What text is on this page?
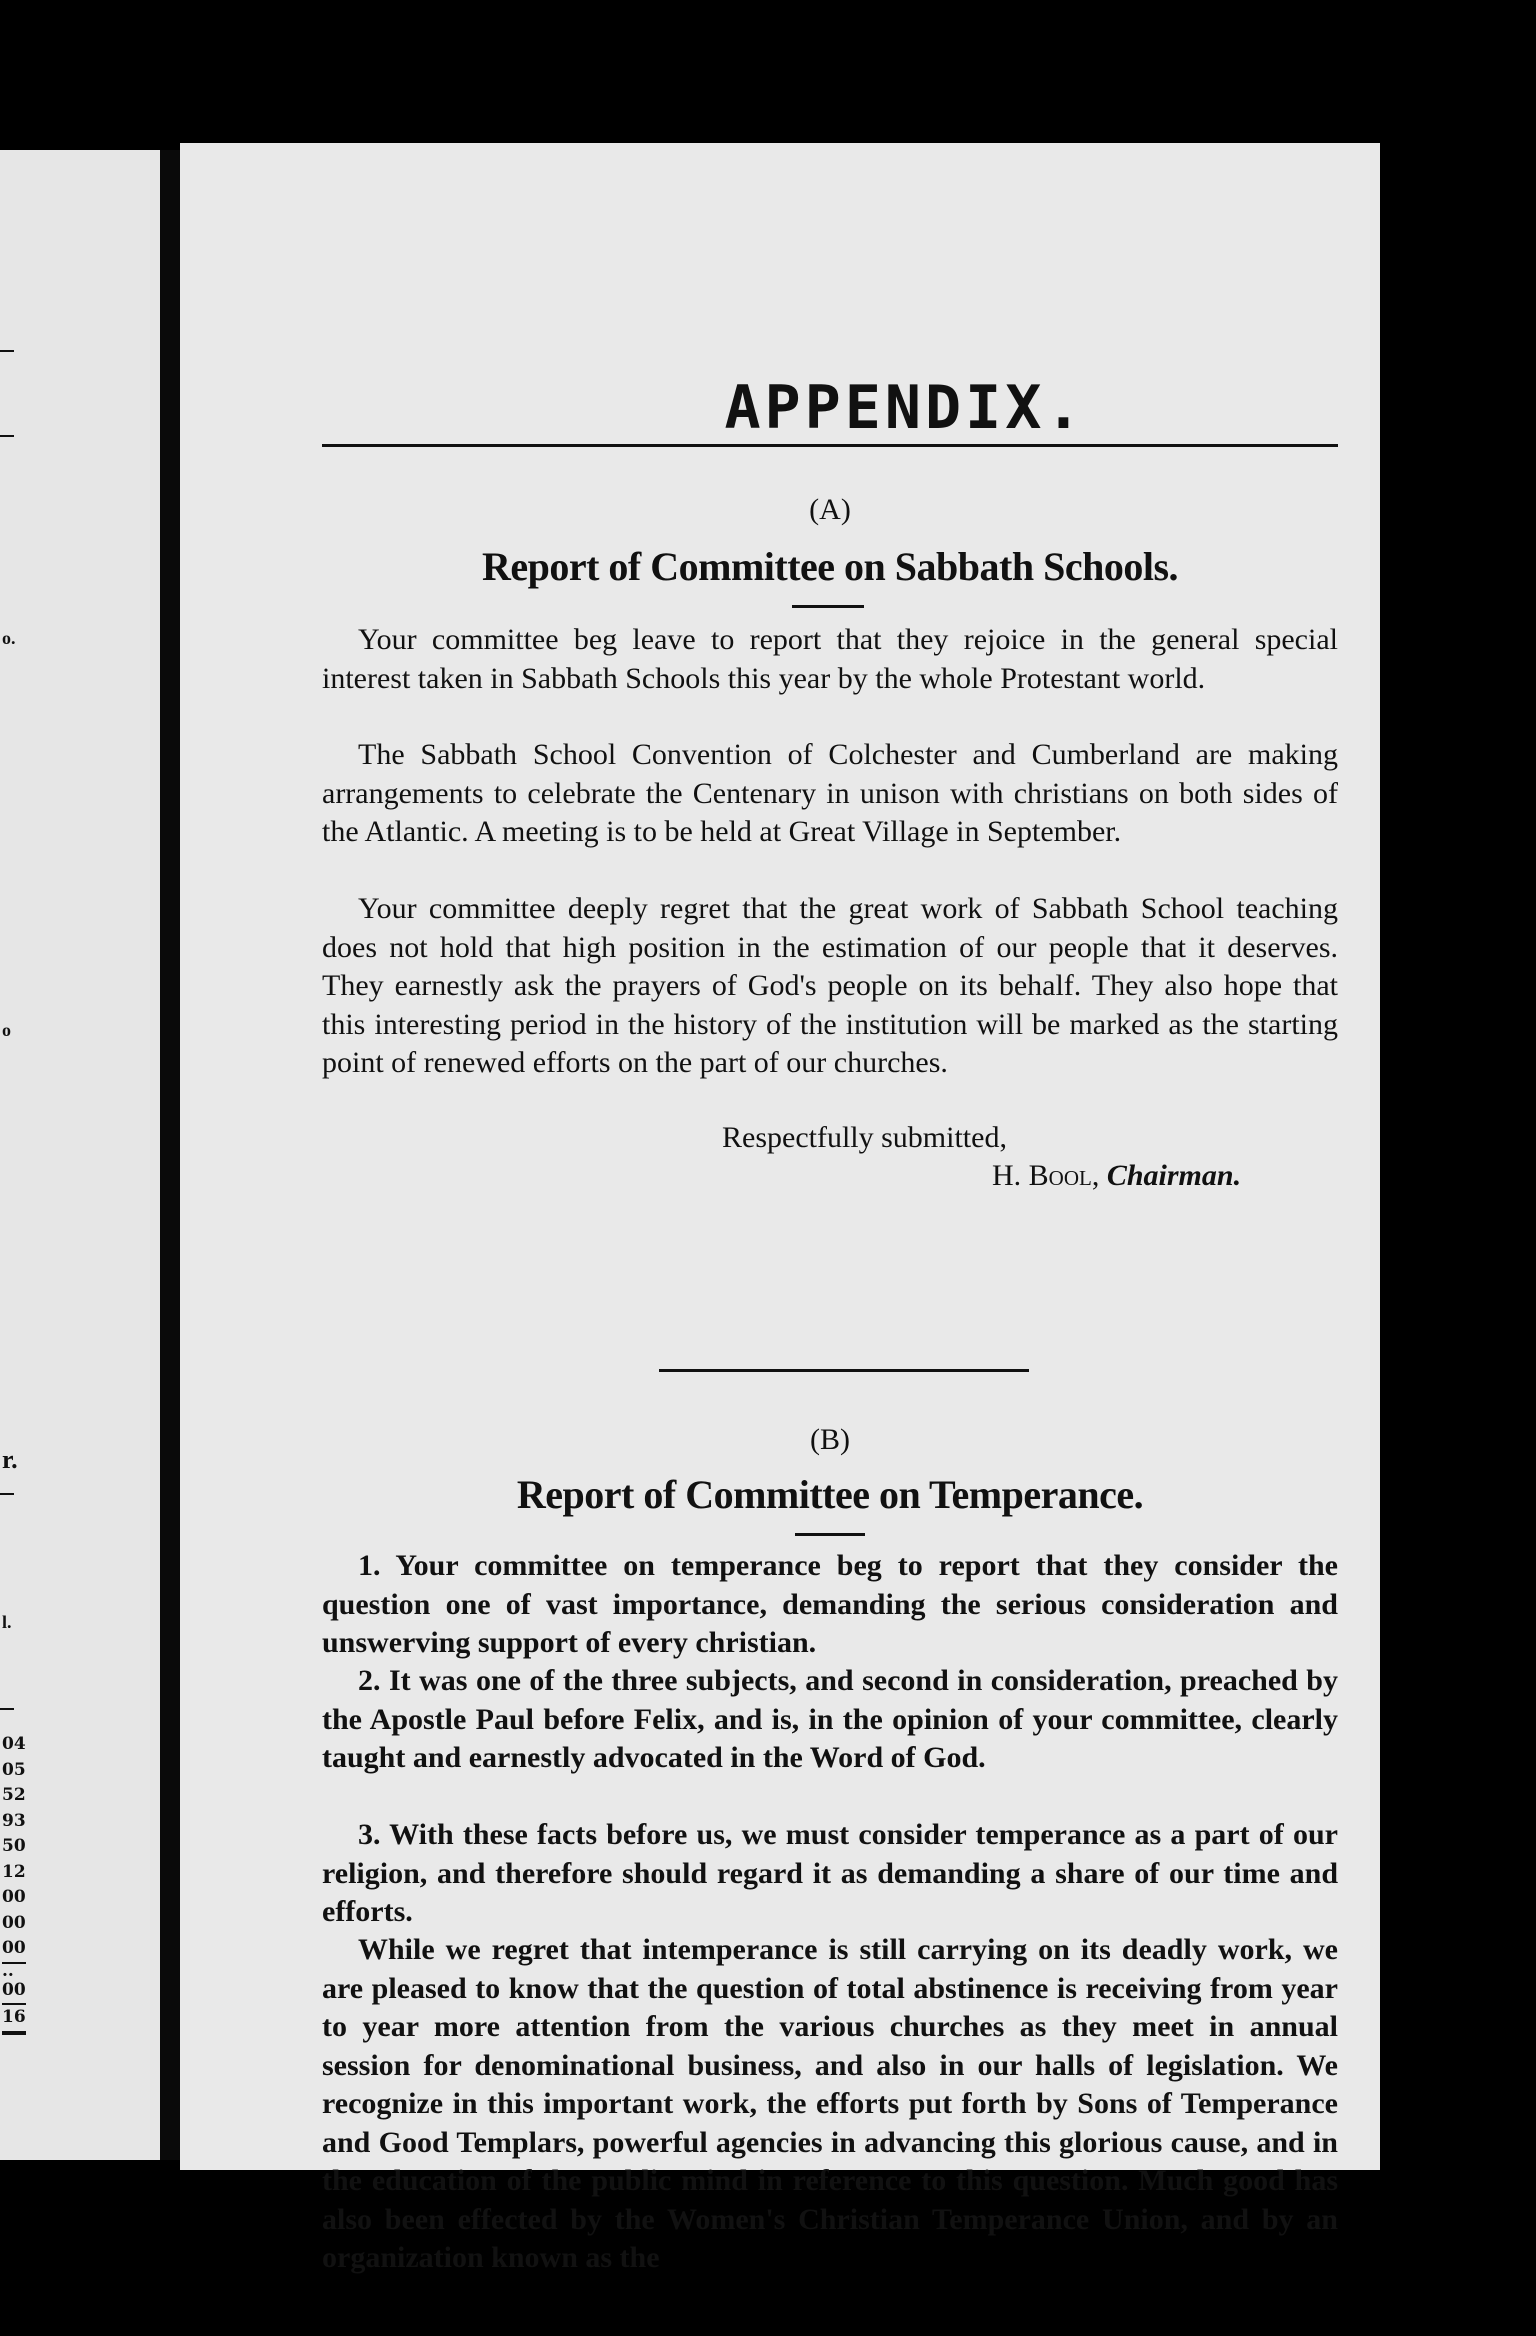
o.
o
r.
l.
04
05
52
93
50
12
00
00
00
..
00
16
APPENDIX.
(A)
Report of Committee on Sabbath Schools.

Your committee beg leave to report that they rejoice in the general special interest taken in Sabbath Schools this year by the whole Protestant world.

The Sabbath School Convention of Colchester and Cumberland are making arrangements to celebrate the Centenary in unison with christians on both sides of the Atlantic. A meeting is to be held at Great Village in September.

Your committee deeply regret that the great work of Sabbath School teaching does not hold that high position in the estimation of our people that it deserves. They earnestly ask the prayers of God's people on its behalf. They also hope that this interesting period in the history of the institution will be marked as the starting point of renewed efforts on the part of our churches.

Respectfully submitted,
H. Bool, Chairman.
(B)
Report of Committee on Temperance.

1. Your committee on temperance beg to report that they consider the question one of vast importance, demanding the serious consideration and unswerving support of every christian.

2. It was one of the three subjects, and second in consideration, preached by the Apostle Paul before Felix, and is, in the opinion of your committee, clearly taught and earnestly advocated in the Word of God.

3. With these facts before us, we must consider temperance as a part of our religion, and therefore should regard it as demanding a share of our time and efforts.

While we regret that intemperance is still carrying on its deadly work, we are pleased to know that the question of total abstinence is receiving from year to year more attention from the various churches as they meet in annual session for denominational business, and also in our halls of legislation. We recognize in this important work, the efforts put forth by Sons of Temperance and Good Templars, powerful agencies in advancing this glorious cause, and in the education of the public mind in reference to this question. Much good has also been effected by the Women's Christian Temperance Union, and by an organization known as the
